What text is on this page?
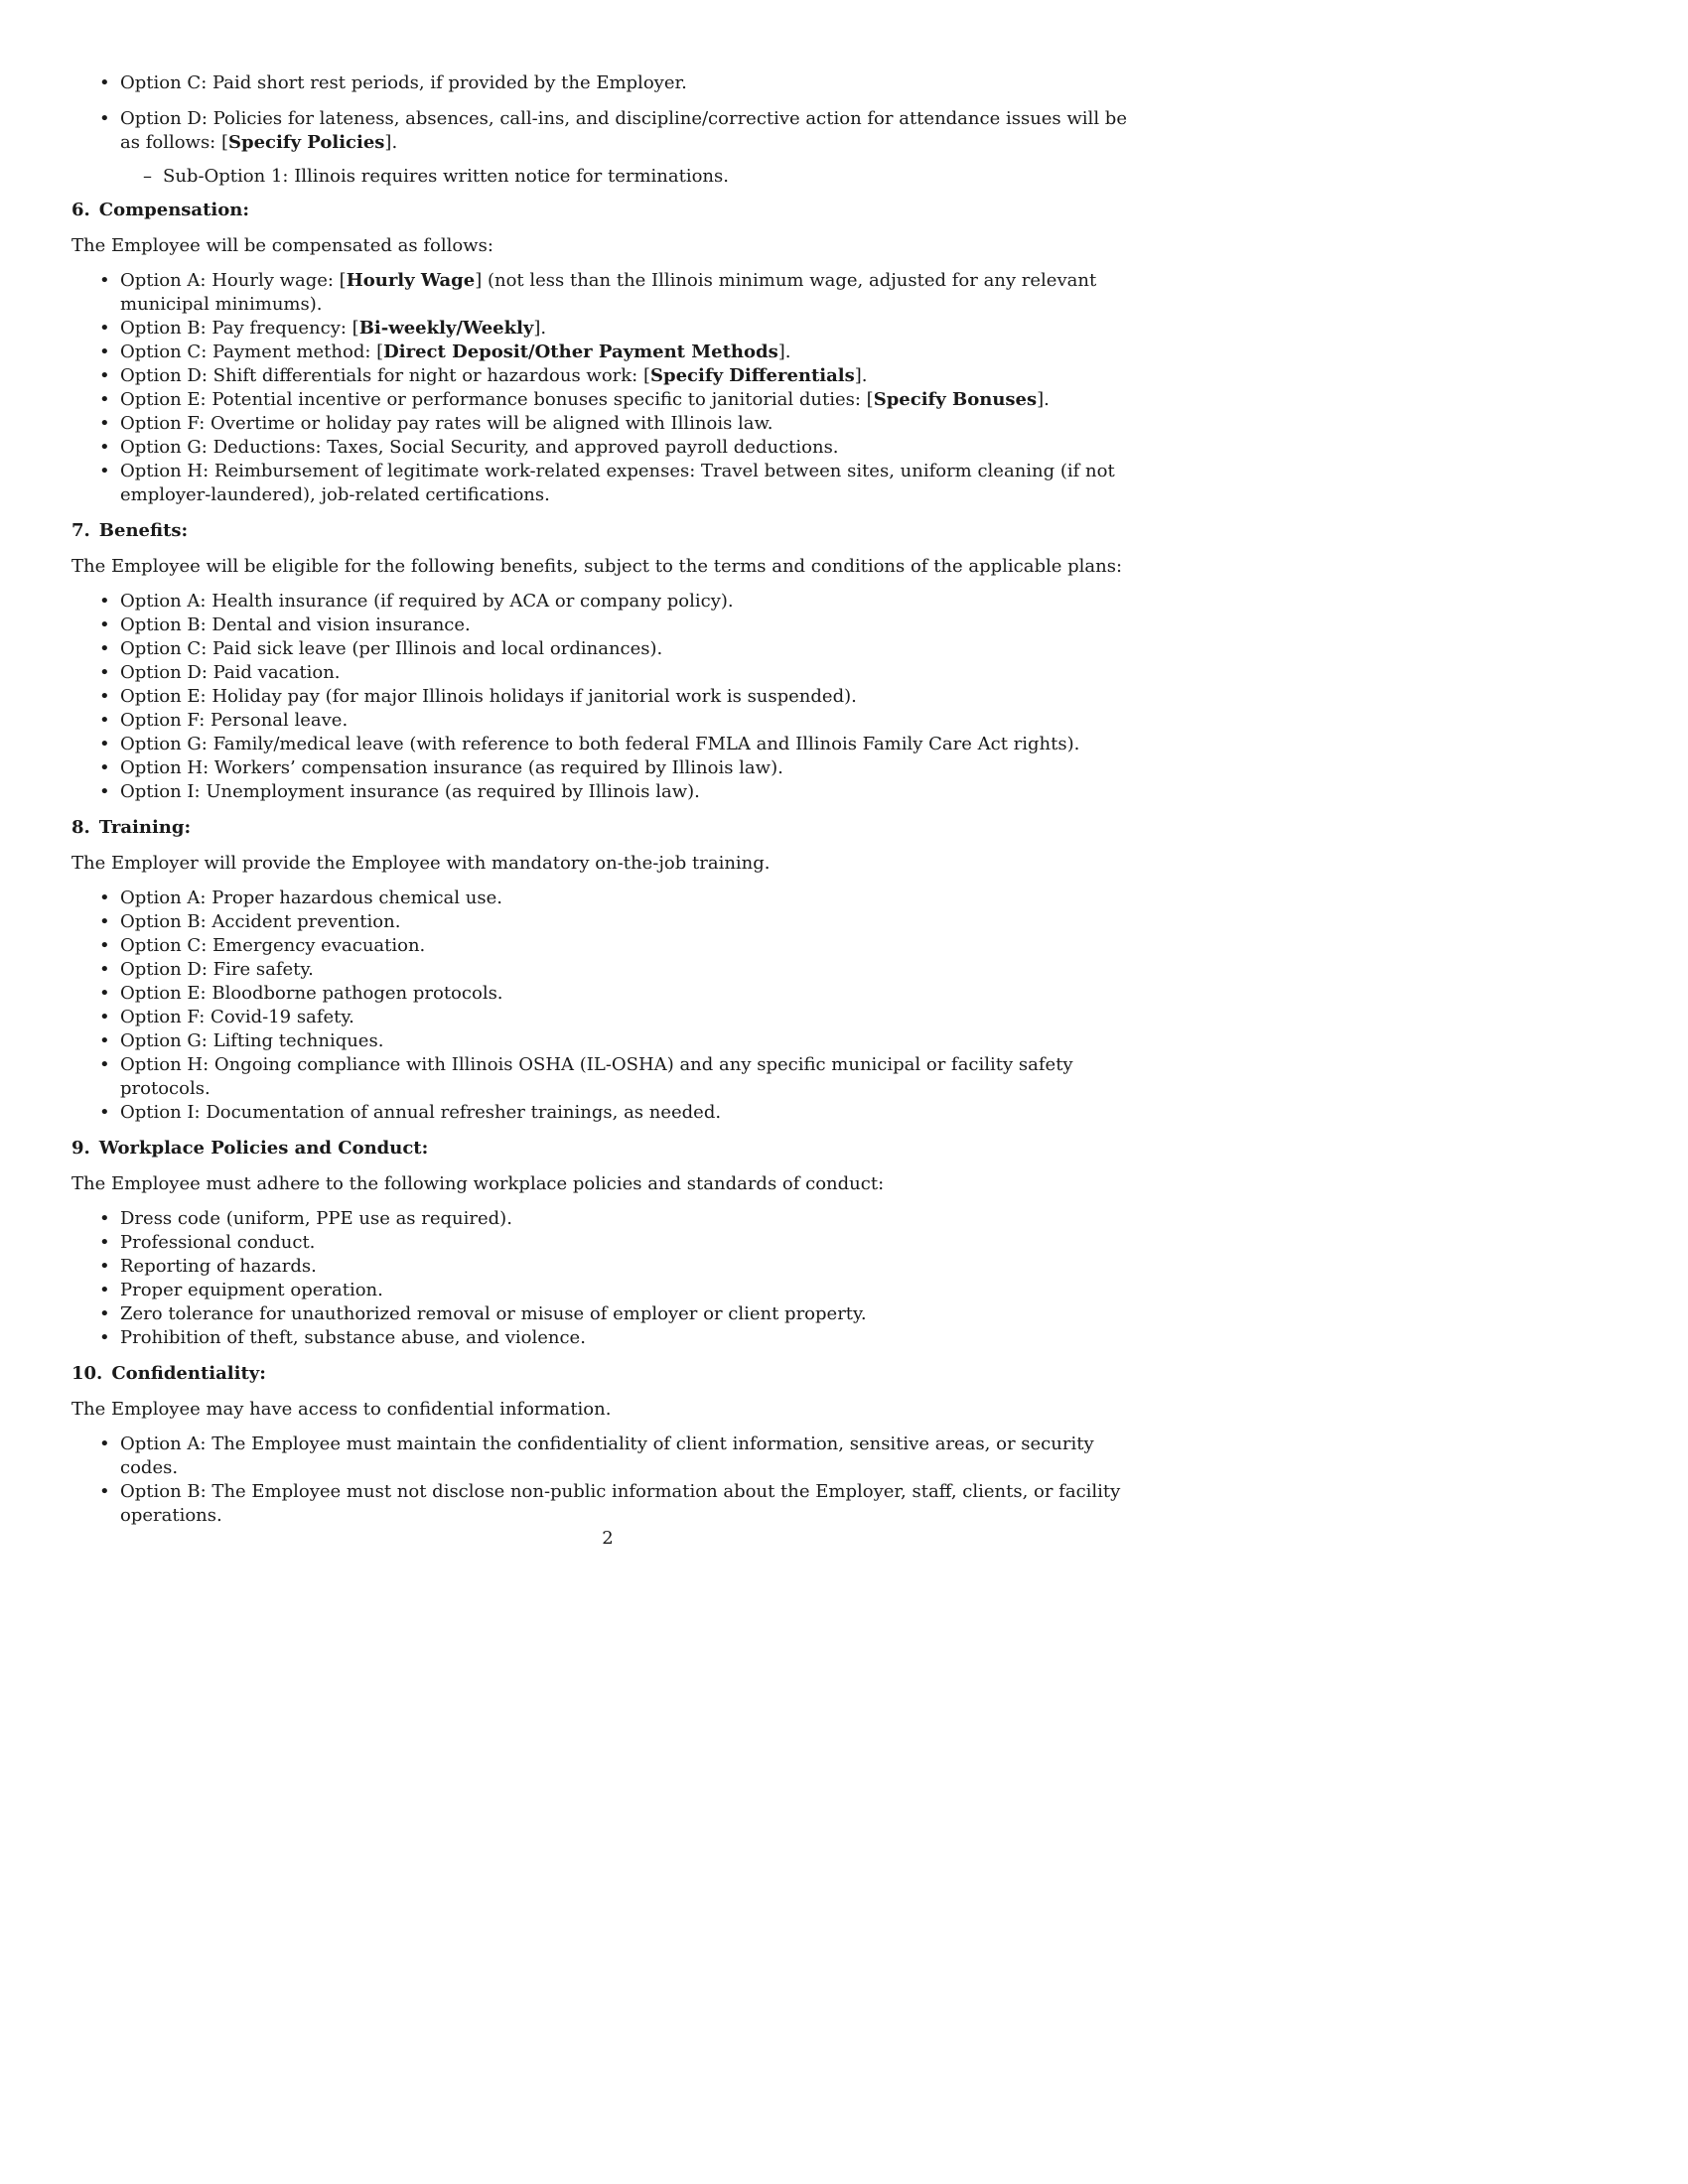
• Option C: Paid short rest periods, if provided by the Employer.
• Option D: Policies for lateness, absences, call-ins, and discipline/corrective action for attendance issues will be as follows: [Specify Policies].
– Sub-Option 1: Illinois requires written notice for terminations.
6. Compensation:

The Employee will be compensated as follows:

• Option A: Hourly wage: [Hourly Wage] (not less than the Illinois minimum wage, adjusted for any relevant municipal minimums).
• Option B: Pay frequency: [Bi-weekly/Weekly].
• Option C: Payment method: [Direct Deposit/Other Payment Methods].
• Option D: Shift differentials for night or hazardous work: [Specify Differentials].
• Option E: Potential incentive or performance bonuses specific to janitorial duties: [Specify Bonuses].
• Option F: Overtime or holiday pay rates will be aligned with Illinois law.
• Option G: Deductions: Taxes, Social Security, and approved payroll deductions.
• Option H: Reimbursement of legitimate work-related expenses: Travel between sites, uniform cleaning (if not employer-laundered), job-related certifications.
7. Benefits:

The Employee will be eligible for the following benefits, subject to the terms and conditions of the applicable plans:

• Option A: Health insurance (if required by ACA or company policy).
• Option B: Dental and vision insurance.
• Option C: Paid sick leave (per Illinois and local ordinances).
• Option D: Paid vacation.
• Option E: Holiday pay (for major Illinois holidays if janitorial work is suspended).
• Option F: Personal leave.
• Option G: Family/medical leave (with reference to both federal FMLA and Illinois Family Care Act rights).
• Option H: Workers’ compensation insurance (as required by Illinois law).
• Option I: Unemployment insurance (as required by Illinois law).
8. Training:

The Employer will provide the Employee with mandatory on-the-job training.

• Option A: Proper hazardous chemical use.
• Option B: Accident prevention.
• Option C: Emergency evacuation.
• Option D: Fire safety.
• Option E: Bloodborne pathogen protocols.
• Option F: Covid-19 safety.
• Option G: Lifting techniques.
• Option H: Ongoing compliance with Illinois OSHA (IL-OSHA) and any specific municipal or facility safety protocols.
• Option I: Documentation of annual refresher trainings, as needed.
9. Workplace Policies and Conduct:

The Employee must adhere to the following workplace policies and standards of conduct:

• Dress code (uniform, PPE use as required).
• Professional conduct.
• Reporting of hazards.
• Proper equipment operation.
• Zero tolerance for unauthorized removal or misuse of employer or client property.
• Prohibition of theft, substance abuse, and violence.
10. Confidentiality:

The Employee may have access to confidential information.

• Option A: The Employee must maintain the confidentiality of client information, sensitive areas, or security codes.
• Option B: The Employee must not disclose non-public information about the Employer, staff, clients, or facility operations.
2
